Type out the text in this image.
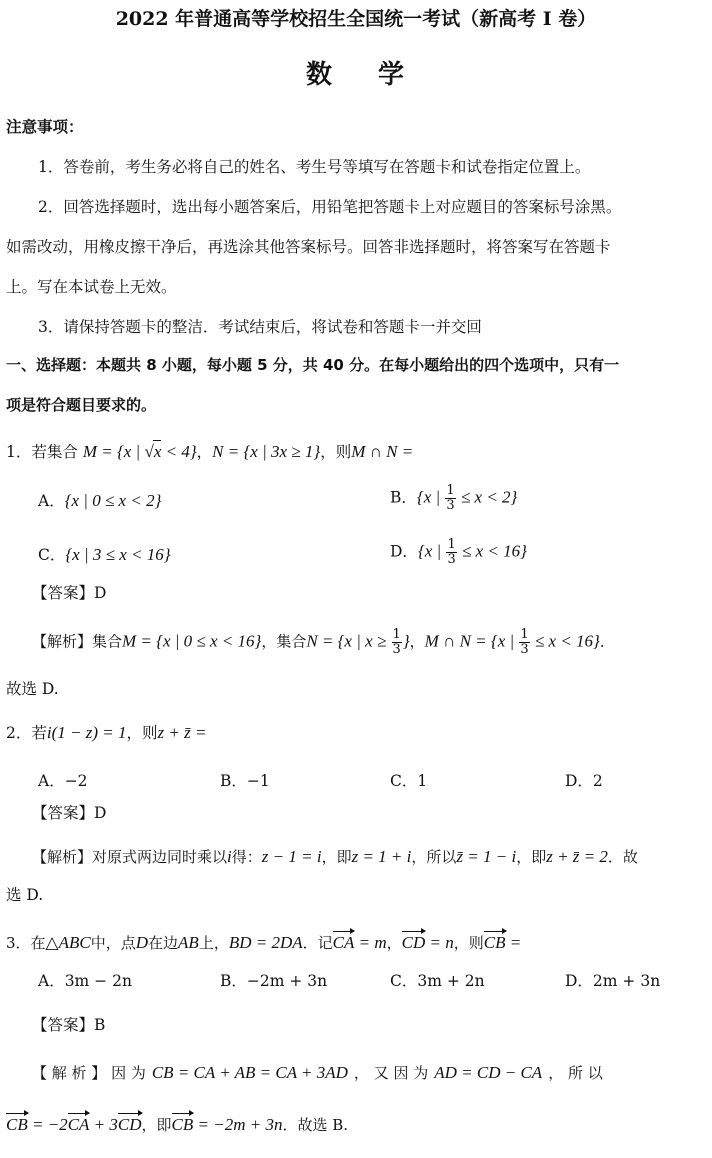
2022 年普通高等学校招生全国统一考试（新高考 I 卷）
数 学
注意事项：
1．答卷前，考生务必将自己的姓名、考生号等填写在答题卡和试卷指定位置上。
2．回答选择题时，选出每小题答案后，用铅笔把答题卡上对应题目的答案标号涂黑。
如需改动，用橡皮擦干净后，再选涂其他答案标号。回答非选择题时，将答案写在答题卡
上。写在本试卷上无效。
3．请保持答题卡的整洁．考试结束后，将试卷和答题卡一并交回
一、选择题：本题共 8 小题，每小题 5 分，共 40 分。在每小题给出的四个选项中，只有一
项是符合题目要求的。
1．若集合 M = {x | √x < 4}，N = {x | 3x ≥ 1}，则M ∩ N =
A．{x | 0 ≤ x < 2}	B．{x | $\frac{1}{3} \le x < 2$}
C．{x | 3 ≤ x < 16}	D．{x | $\frac{1}{3} \le x < 16$}
【答案】D
【解析】集合M = {x | 0 ≤ x < 16}，集合N = {x | $x \ge \frac{1}{3}$ }，M ∩ N = {x | $\frac{1}{3} \le x < 16$}．
故选 D.
2．若i(1 − z) = 1，则z + z̄ =
A．−2	B．−1	C．1	D．2
【答案】D
【解析】对原式两边同时乘以i得：z − 1 = i，即z = 1 + i，所以z̄ = 1 − i，即z + z̄ = 2．故
选 D.
3．在△ABC中，点D在边AB上，BD = 2DA．记CA = m，CD = n，则CB =
A．3m − 2n	B．−2m + 3n	C．3m + 2n	D．2m + 3n
【答案】B
【 解 析 】 因 为 CB = CA + AB = CA + 3AD ， 又 因 为 AD = CD − CA ， 所 以
CB = −2CA + 3CD，即CB = −2m + 3n．故选 B.
